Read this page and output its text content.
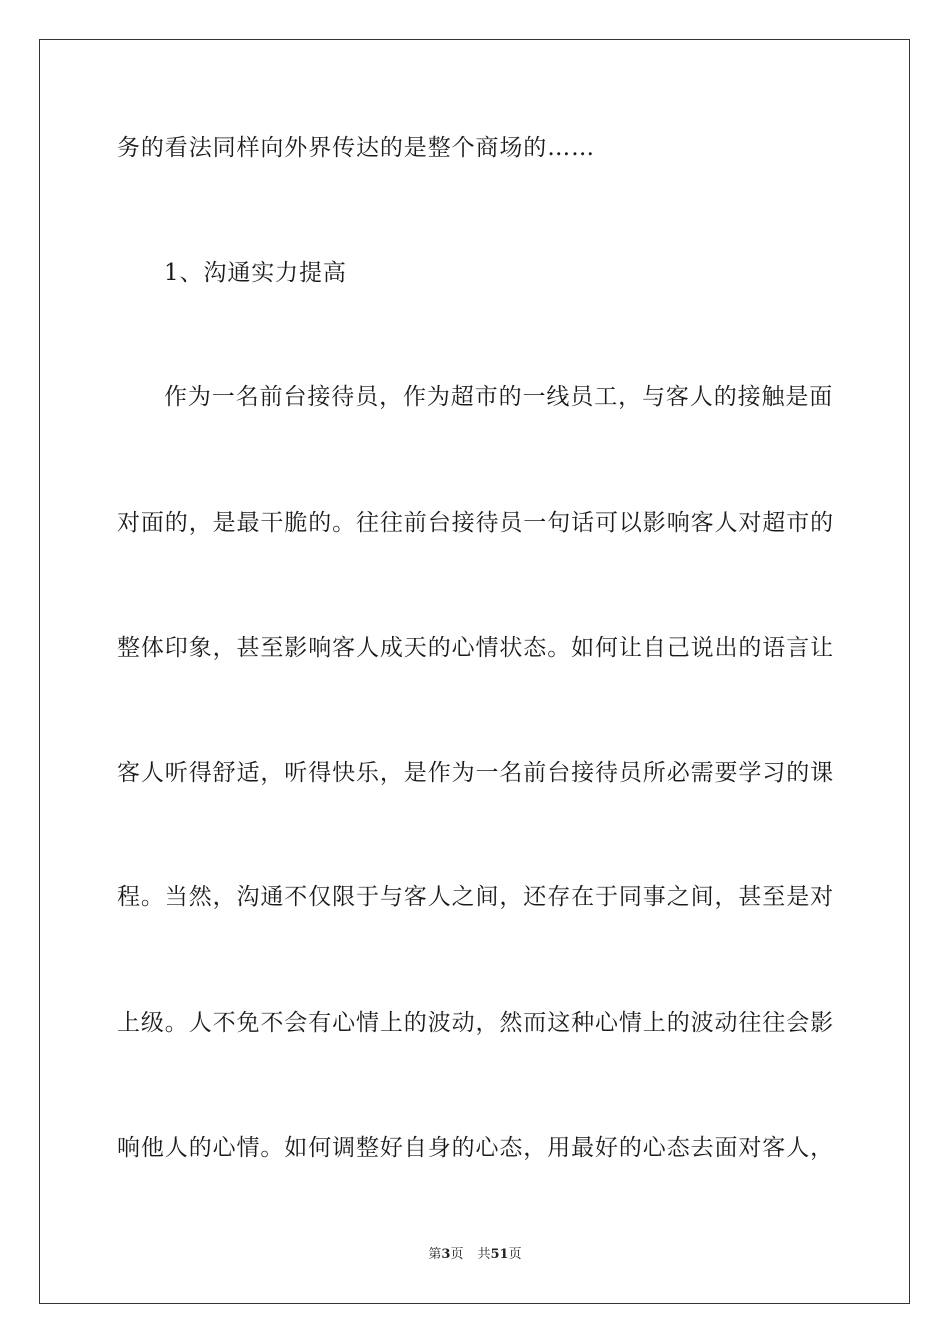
务的看法同样向外界传达的是整个商场的……
1、沟通实力提高
作为一名前台接待员，作为超市的一线员工，与客人的接触是面
对面的，是最干脆的。往往前台接待员一句话可以影响客人对超市的
整体印象，甚至影响客人成天的心情状态。如何让自己说出的语言让
客人听得舒适，听得快乐，是作为一名前台接待员所必需要学习的课
程。当然，沟通不仅限于与客人之间，还存在于同事之间，甚至是对
上级。人不免不会有心情上的波动，然而这种心情上的波动往往会影
响他人的心情。如何调整好自身的心态，用最好的心态去面对客人，
第3页 共51页
